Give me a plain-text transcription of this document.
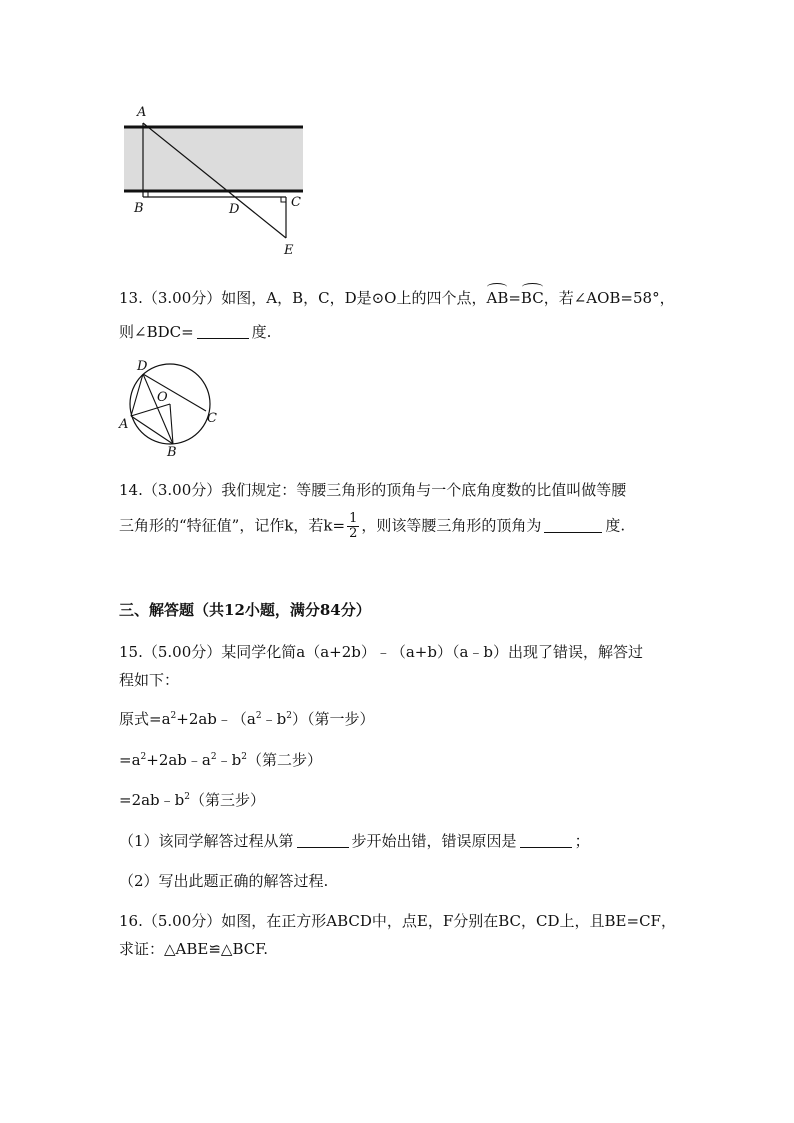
A
B	D	C
E
13.（3.00分）如图，A，B，C，D是⊙O上的四个点，AB=BC，若∠AOB=58°，
则∠BDC=	度.
D
O
A	C
B
14.（3.00分）我们规定：等腰三角形的顶角与一个底角度数的比值叫做等腰
三角形的“特征值”，记作k，若$k= \frac{1}{2}$ ，则该等腰三角形的顶角为	度.
三、解答题（共12小题，满分84分）
15.（5.00分）某同学化简a（a+2b）﹣（a+b）（a﹣b）出现了错误，解答过
程如下：
原式$=a^2+2ab﹣(a^2﹣b^2)$（第一步）
$=a^2+2ab﹣a^2﹣b^2$（第二步）
$=2ab﹣b^2$（第三步）
（1）该同学解答过程从第	步开始出错，错误原因是	；
（2）写出此题正确的解答过程.
16.（5.00分）如图，在正方形ABCD中，点E，F分别在BC，CD上，且BE=CF，
求证：△ABE≌△BCF.
